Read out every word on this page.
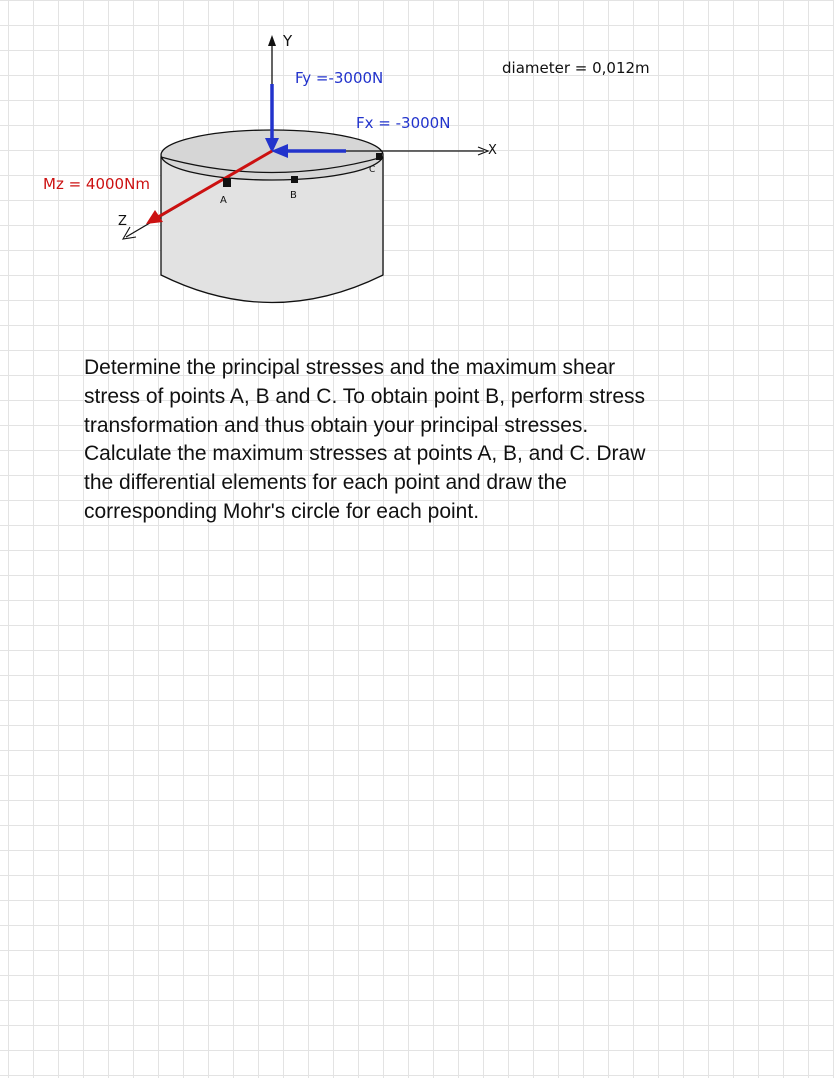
Y
X
Z
Fy =-3000N
Fx = -3000N
Mz = 4000Nm
diameter = 0,012m
A	B
C

Determine the principal stresses and the maximum shear stress of points A, B and C. To obtain point B, perform stress transformation and thus obtain your principal stresses. Calculate the maximum stresses at points A, B, and C. Draw the differential elements for each point and draw the corresponding Mohr's circle for each point.
